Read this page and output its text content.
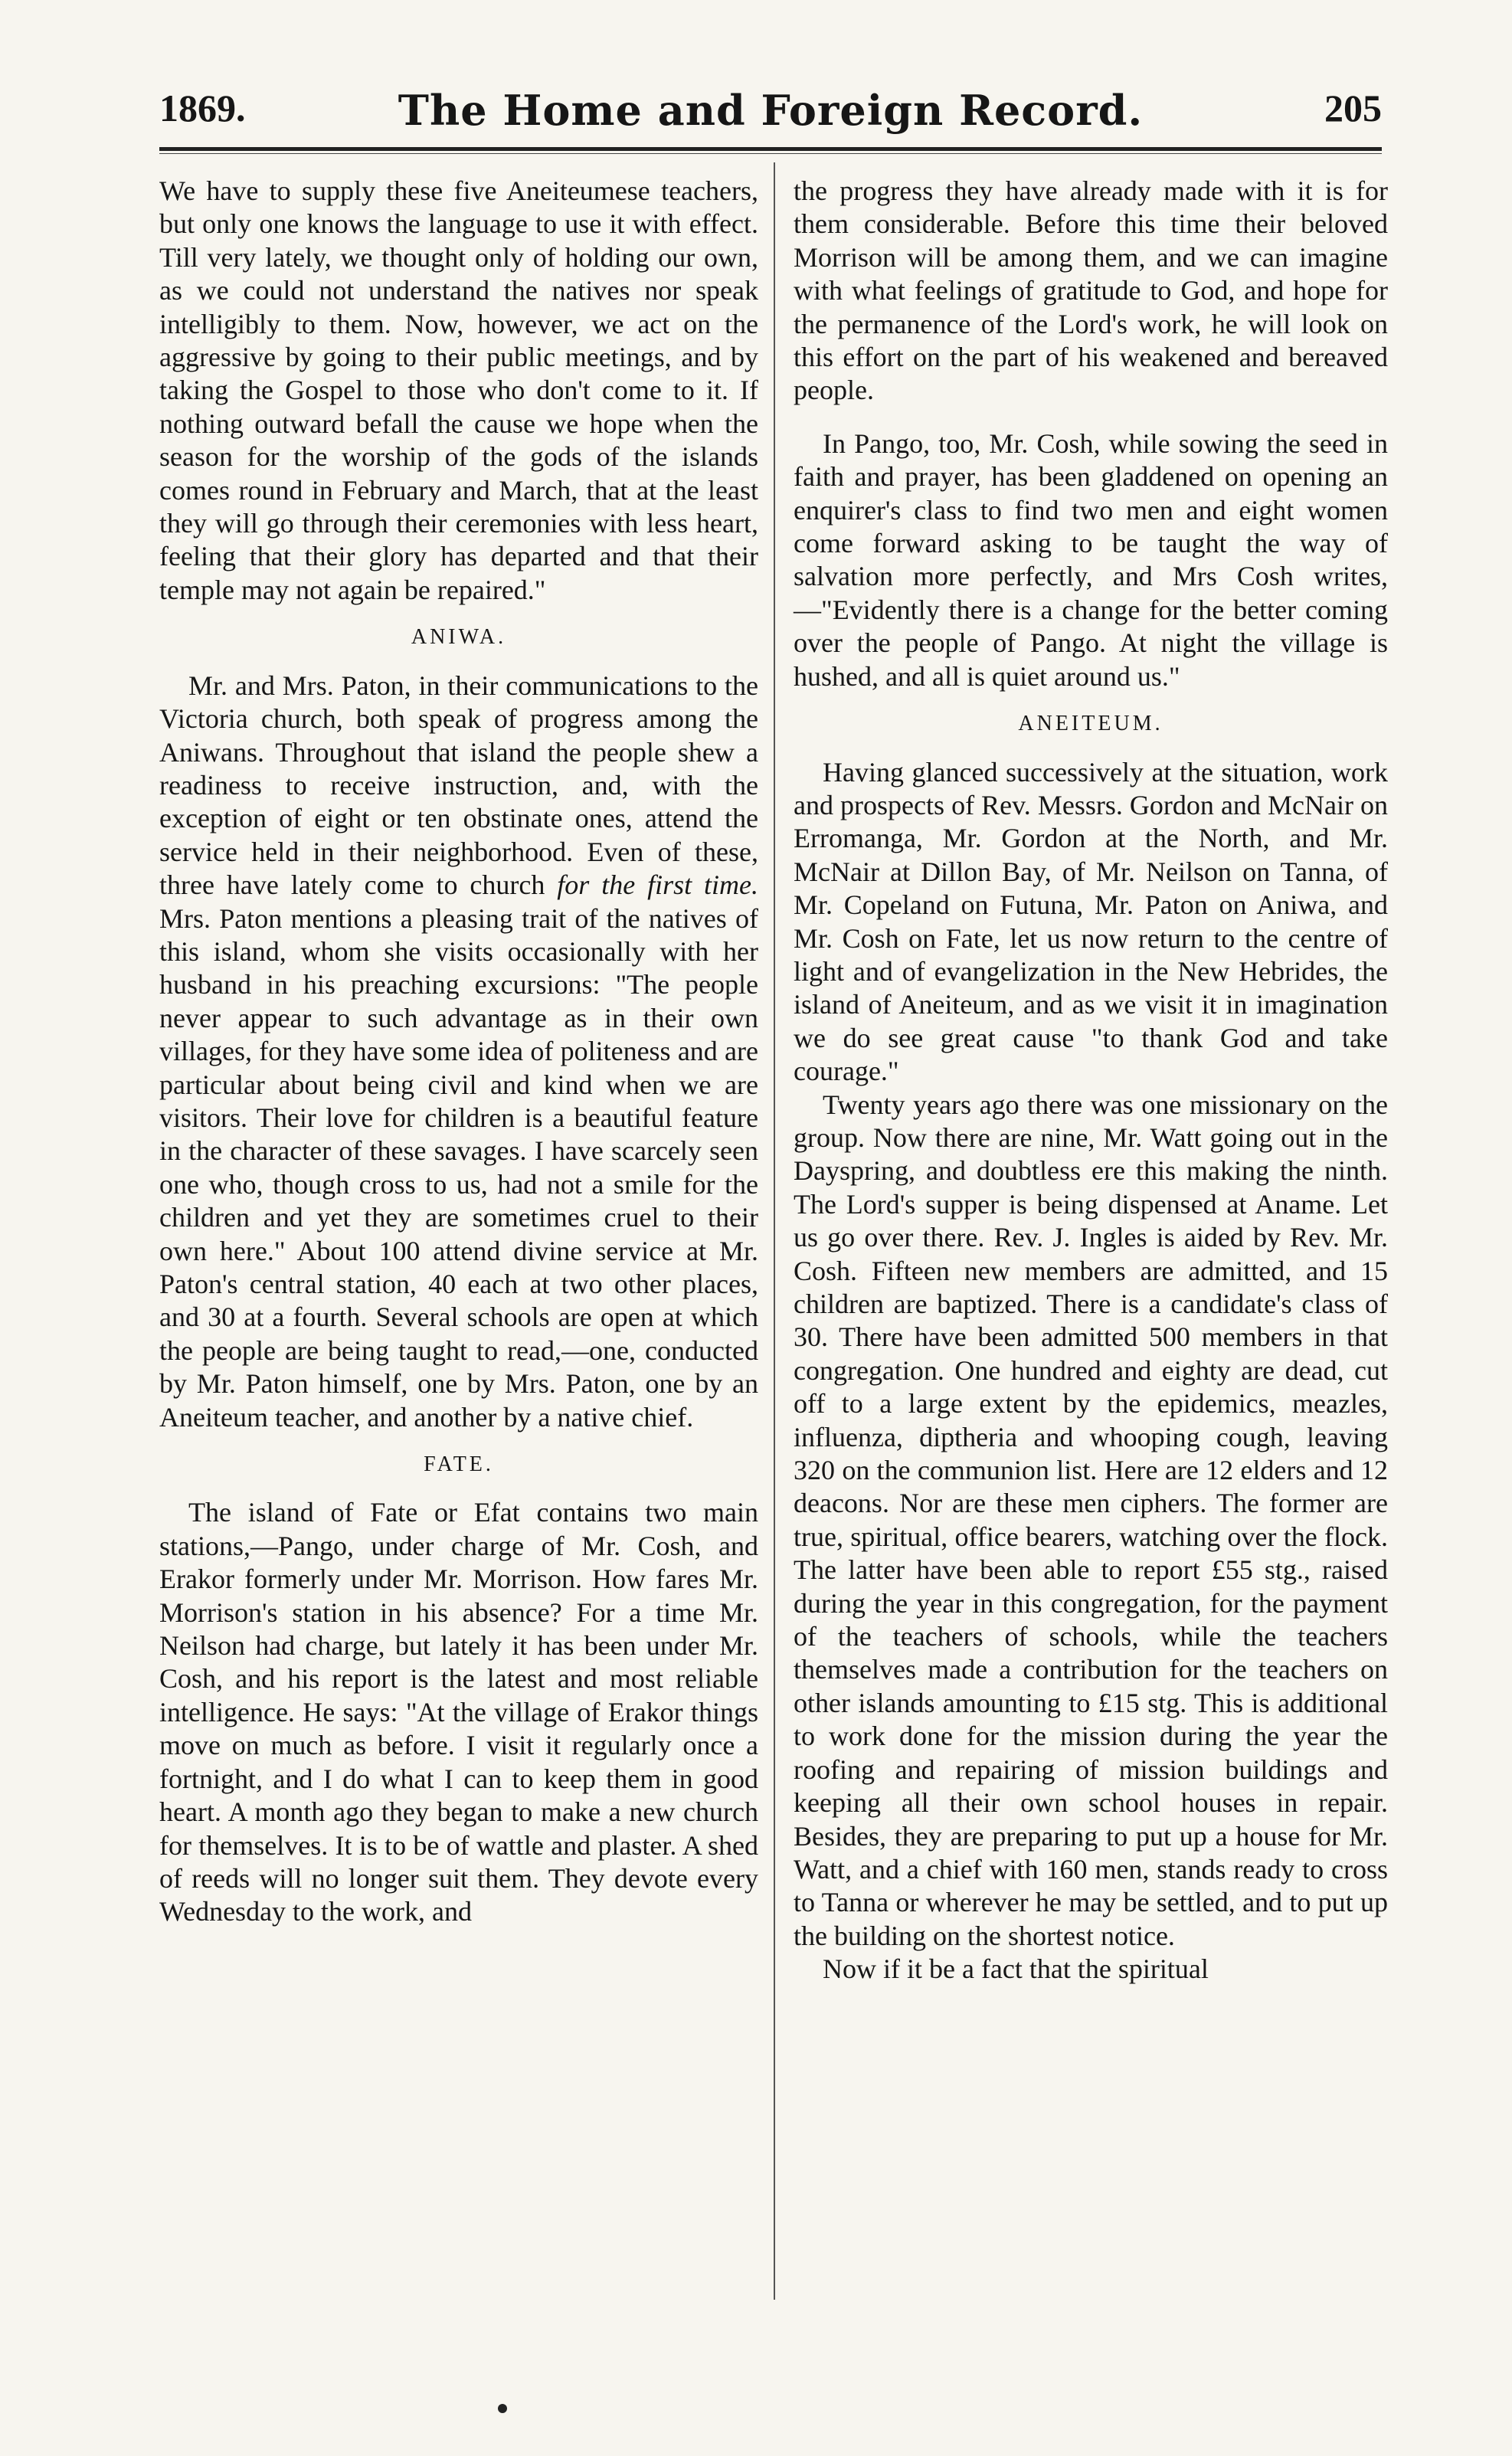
1869.	The Home and Foreign Record.	205

We have to supply these five Aneiteumese teachers, but only one knows the language to use it with effect. Till very lately, we thought only of holding our own, as we could not understand the natives nor speak intelligibly to them. Now, however, we act on the aggressive by going to their public meetings, and by taking the Gospel to those who don't come to it. If nothing outward befall the cause we hope when the season for the worship of the gods of the islands comes round in February and March, that at the least they will go through their ceremonies with less heart, feeling that their glory has departed and that their temple may not again be repaired."

ANIWA.

Mr. and Mrs. Paton, in their communications to the Victoria church, both speak of progress among the Aniwans. Throughout that island the people shew a readiness to receive instruction, and, with the exception of eight or ten obstinate ones, attend the service held in their neighborhood. Even of these, three have lately come to church for the first time. Mrs. Paton mentions a pleasing trait of the natives of this island, whom she visits occasionally with her husband in his preaching excursions: "The people never appear to such advantage as in their own villages, for they have some idea of politeness and are particular about being civil and kind when we are visitors. Their love for children is a beautiful feature in the character of these savages. I have scarcely seen one who, though cross to us, had not a smile for the children and yet they are sometimes cruel to their own here." About 100 attend divine service at Mr. Paton's central station, 40 each at two other places, and 30 at a fourth. Several schools are open at which the people are being taught to read,—one, conducted by Mr. Paton himself, one by Mrs. Paton, one by an Aneiteum teacher, and another by a native chief.

FATE.

The island of Fate or Efat contains two main stations,—Pango, under charge of Mr. Cosh, and Erakor formerly under Mr. Morrison. How fares Mr. Morrison's station in his absence? For a time Mr. Neilson had charge, but lately it has been under Mr. Cosh, and his report is the latest and most reliable intelligence. He says: "At the village of Erakor things move on much as before. I visit it regularly once a fortnight, and I do what I can to keep them in good heart. A month ago they began to make a new church for themselves. It is to be of wattle and plaster. A shed of reeds will no longer suit them. They devote every Wednesday to the work, and

the progress they have already made with it is for them considerable. Before this time their beloved Morrison will be among them, and we can imagine with what feelings of gratitude to God, and hope for the permanence of the Lord's work, he will look on this effort on the part of his weakened and bereaved people.

In Pango, too, Mr. Cosh, while sowing the seed in faith and prayer, has been gladdened on opening an enquirer's class to find two men and eight women come forward asking to be taught the way of salvation more perfectly, and Mrs Cosh writes,—"Evidently there is a change for the better coming over the people of Pango. At night the village is hushed, and all is quiet around us."

ANEITEUM.

Having glanced successively at the situation, work and prospects of Rev. Messrs. Gordon and McNair on Erromanga, Mr. Gordon at the North, and Mr. McNair at Dillon Bay, of Mr. Neilson on Tanna, of Mr. Copeland on Futuna, Mr. Paton on Aniwa, and Mr. Cosh on Fate, let us now return to the centre of light and of evangelization in the New Hebrides, the island of Aneiteum, and as we visit it in imagination we do see great cause "to thank God and take courage."

Twenty years ago there was one missionary on the group. Now there are nine, Mr. Watt going out in the Dayspring, and doubtless ere this making the ninth. The Lord's supper is being dispensed at Aname. Let us go over there. Rev. J. Ingles is aided by Rev. Mr. Cosh. Fifteen new members are admitted, and 15 children are baptized. There is a candidate's class of 30. There have been admitted 500 members in that congregation. One hundred and eighty are dead, cut off to a large extent by the epidemics, meazles, influenza, diptheria and whooping cough, leaving 320 on the communion list. Here are 12 elders and 12 deacons. Nor are these men ciphers. The former are true, spiritual, office bearers, watching over the flock. The latter have been able to report £55 stg., raised during the year in this congregation, for the payment of the teachers of schools, while the teachers themselves made a contribution for the teachers on other islands amounting to £15 stg. This is additional to work done for the mission during the year the roofing and repairing of mission buildings and keeping all their own school houses in repair. Besides, they are preparing to put up a house for Mr. Watt, and a chief with 160 men, stands ready to cross to Tanna or wherever he may be settled, and to put up the building on the shortest notice.

Now if it be a fact that the spiritual
